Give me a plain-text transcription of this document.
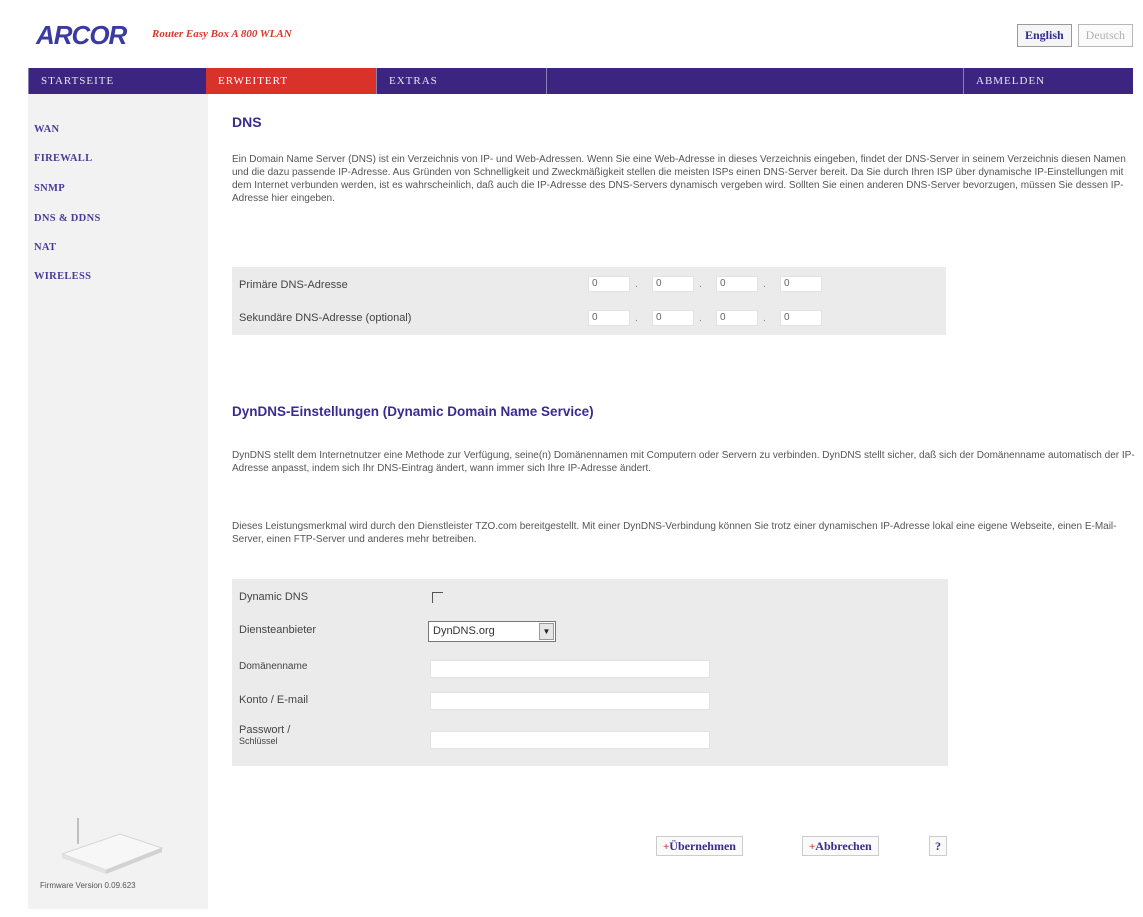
ARCOR Router Easy Box A 800 WLAN	English	Deutsch
STARTSEITE	ERWEITERT	EXTRAS	ABMELDEN
WAN
FIREWALL
SNMP
DNS & DDNS
NAT
WIRELESS
Firmware Version 0.09.623
DNS
Ein Domain Name Server (DNS) ist ein Verzeichnis von IP- und Web-Adressen. Wenn Sie eine Web-Adresse in dieses Verzeichnis eingeben, findet der DNS-Server in seinem Verzeichnis diesen Namen und die dazu passende IP-Adresse. Aus Gründen von Schnelligkeit und Zweckmäßigkeit stellen die meisten ISPs einen DNS-Server bereit. Da Sie durch Ihren ISP über dynamische IP-Einstellungen mit dem Internet verbunden werden, ist es wahrscheinlich, daß auch die IP-Adresse des DNS-Servers dynamisch vergeben wird. Sollten Sie einen anderen DNS-Server bevorzugen, müssen Sie dessen IP-Adresse hier eingeben.
Primäre DNS-Adresse	0	.	0	.	0	.	0
Sekundäre DNS-Adresse (optional)	0	.	0	.	0	.	0
DynDNS-Einstellungen (Dynamic Domain Name Service)
DynDNS stellt dem Internetnutzer eine Methode zur Verfügung, seine(n) Domänennamen mit Computern oder Servern zu verbinden. DynDNS stellt sicher, daß sich der Domänenname automatisch der IP-Adresse anpasst, indem sich Ihr DNS-Eintrag ändert, wann immer sich Ihre IP-Adresse ändert.
Dieses Leistungsmerkmal wird durch den Dienstleister TZO.com bereitgestellt. Mit einer DynDNS-Verbindung können Sie trotz einer dynamischen IP-Adresse lokal eine eigene Webseite, einen E-Mail-Server, einen FTP-Server und anderes mehr betreiben.
Dynamic DNS
Diensteanbieter	DynDNS.org	▼
Domänenname
Konto / E-mail
Passwort /
Schlüssel
+Übernehmen	+Abbrechen	?
